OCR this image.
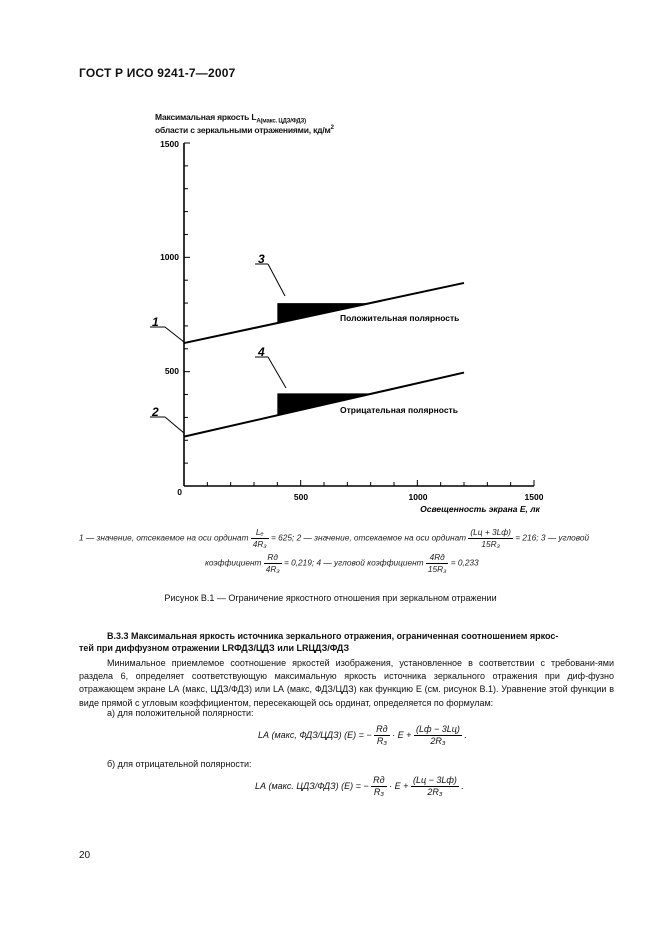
ГОСТ Р ИСО 9241-7—2007
Максимальная яркость $L_{А(макс. ЦДЗ/ФДЗ)}$
области с зеркальными отражениями, $кд/м^2$
1500
1000
500
0	500	1000	1500
Освещенность экрана E, лк
Положительная полярность
Отрицательная полярность
1
2
3
4
1 — значение, отсекаемое на оси ординат $\frac{\text{Lₑ}}{\text{4R₃}} = 625$; 2 — значение, отсекаемое на оси ординат $\frac{(Lц + 3Lф)}{\text{15R₃}} = 216$; 3 — угловой
коэффициент $\frac{Rд}{\text{4R₃}} = 0,219$; 4 — угловой коэффициент $\frac{4Rд}{\text{15R₃}} = 0,233$
Рисунок В.1 — Ограничение яркостного отношения при зеркальном отражении
В.3.3 Максимальная яркость источника зеркального отражения, ограниченная соотношением яркос-
тей при диффузном отражении LRФДЗ/ЦДЗ или LRЦДЗ/ФДЗ
Минимальное приемлемое соотношение яркостей изображения, установленное в соответствии с требовани-ями раздела 6, определяет соответствующую максимальную яркость источника зеркального отражения при диф-фузно отражающем экране LА (макс, ЦДЗ/ФДЗ) или LА (макс, ФДЗ/ЦДЗ) как функцию E (см. рисунок В.1). Уравнение этой функции в виде прямой с угловым коэффициентом, пересекающей ось ординат, определяется по формулам:
а) для положительной полярности:
LА (макс, ФДЗ/ЦДЗ) (E) = − $\frac{Rд}{\text{R₃}} \cdot E + \frac{(Lф - 3Lц)}{\text{2R₃}}$ .
б) для отрицательной полярности:
LА (макс. ЦДЗ/ФДЗ) (E) = − $\frac{Rд}{\text{R₃}} \cdot E + \frac{(Lц - 3Lф)}{\text{2R₃}}$ .
20
